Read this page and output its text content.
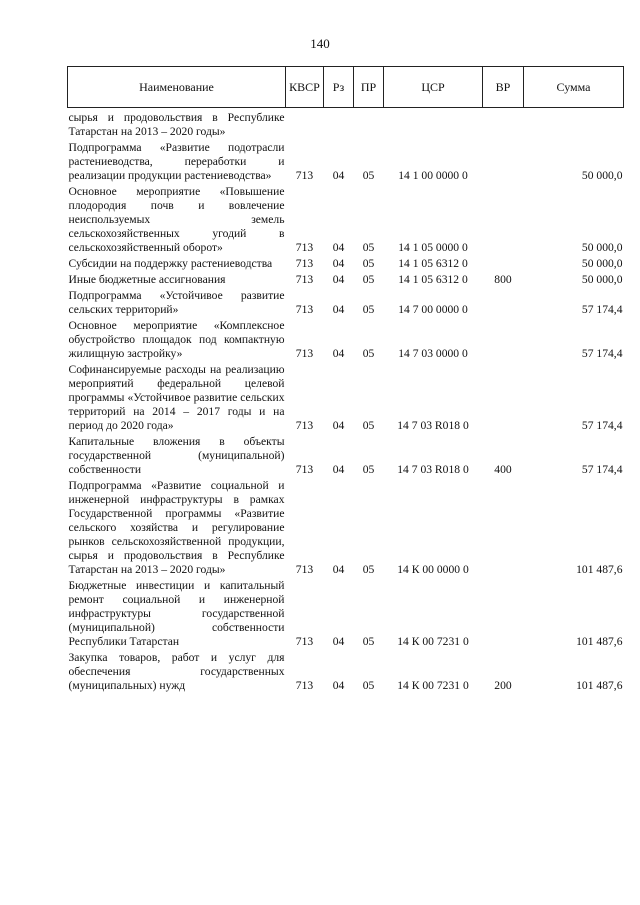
140
Наименование	КВСР	Рз	ПР	ЦСР	ВР	Сумма
сырья и продовольствия в Республике Татарстан на 2013 – 2020 годы»						
Подпрограмма «Развитие подотрасли растениеводства, переработки и реализации продукции растениеводства»	713	04	05	14 1 00 0000 0		50 000,0
Основное мероприятие «Повышение плодородия почв и вовлечение неиспользуемых земель сельскохозяйственных угодий в сельскохозяйственный оборот»	713	04	05	14 1 05 0000 0		50 000,0
Субсидии на поддержку растениеводства	713	04	05	14 1 05 6312 0		50 000,0
Иные бюджетные ассигнования	713	04	05	14 1 05 6312 0	800	50 000,0
Подпрограмма «Устойчивое развитие сельских территорий»	713	04	05	14 7 00 0000 0		57 174,4
Основное мероприятие «Комплексное обустройство площадок под компактную жилищную застройку»	713	04	05	14 7 03 0000 0		57 174,4
Софинансируемые расходы на реализацию мероприятий федеральной целевой программы «Устойчивое развитие сельских территорий на 2014 – 2017 годы и на период до 2020 года»	713	04	05	14 7 03 R018 0		57 174,4
Капитальные вложения в объекты государственной (муниципальной) собственности	713	04	05	14 7 03 R018 0	400	57 174,4
Подпрограмма «Развитие социальной и инженерной инфраструктуры в рамках Государственной программы «Развитие сельского хозяйства и регулирование рынков сельскохозяйственной продукции, сырья и продовольствия в Республике Татарстан на 2013 – 2020 годы»	713	04	05	14 К 00 0000 0		101 487,6
Бюджетные инвестиции и капитальный ремонт социальной и инженерной инфраструктуры государственной (муниципальной) собственности Республики Татарстан	713	04	05	14 К 00 7231 0		101 487,6
Закупка товаров, работ и услуг для обеспечения государственных (муниципальных) нужд	713	04	05	14 К 00 7231 0	200	101 487,6
